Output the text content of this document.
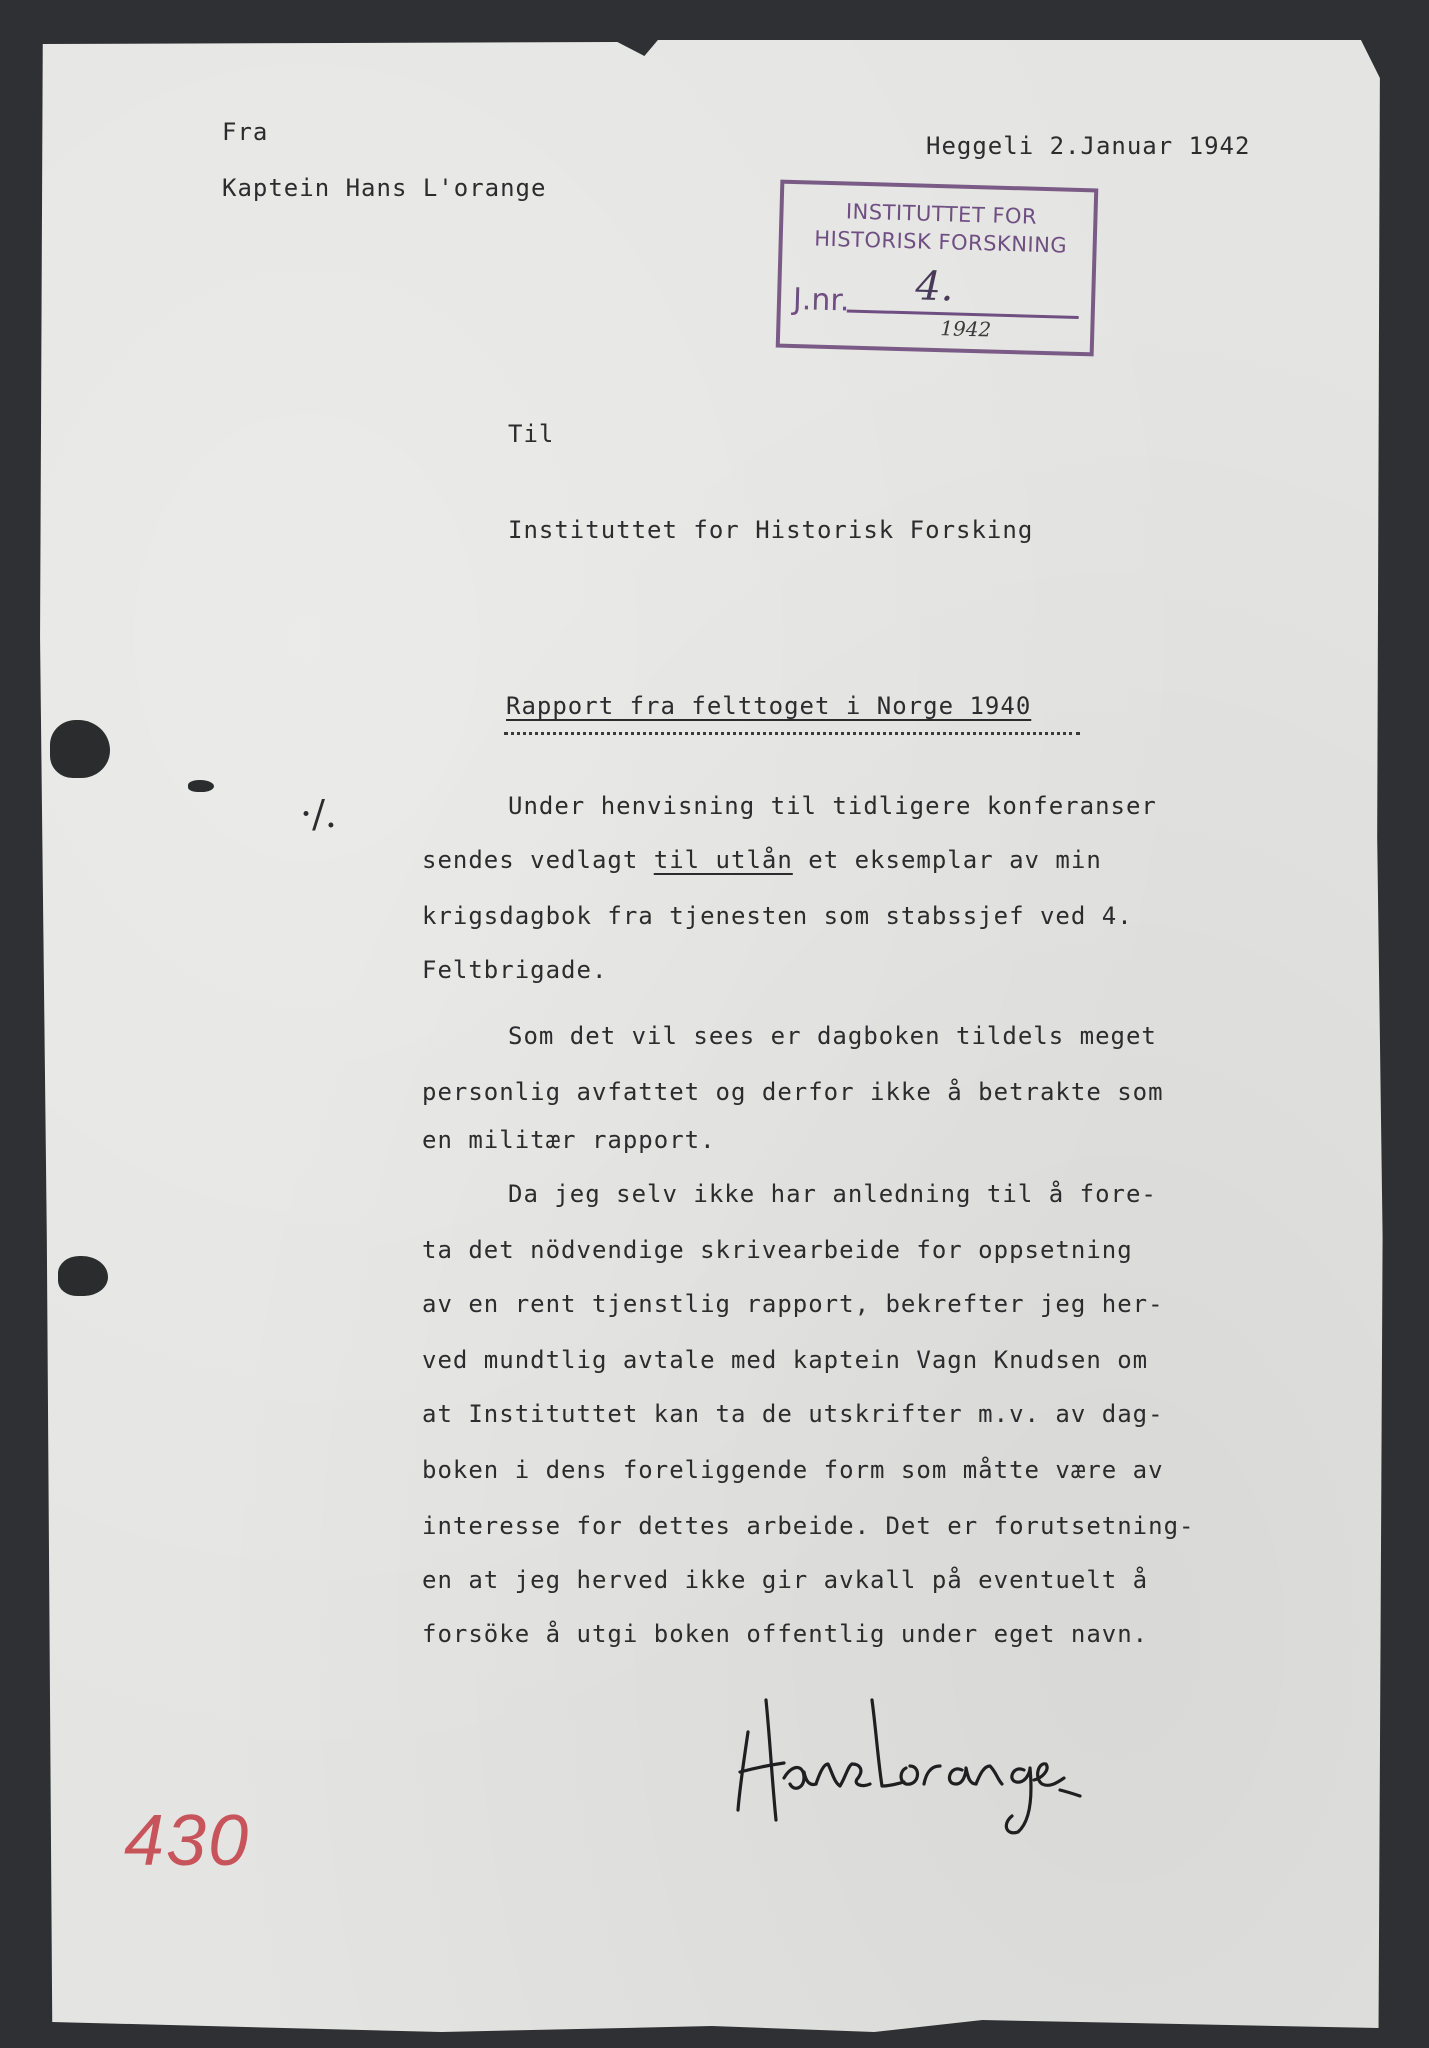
Fra
Kaptein Hans L'orange
Heggeli 2.Januar 1942
INSTITUTTET FOR
HISTORISK FORSKNING
J.nr. 4.
1942
Til
Instituttet for Historisk Forsking
Rapport fra felttoget i Norge 1940
·/.	Under henvisning til tidligere konferanser
sendes vedlagt til utlån et eksemplar av min
krigsdagbok fra tjenesten som stabssjef ved 4.
Feltbrigade.
Som det vil sees er dagboken tildels meget
personlig avfattet og derfor ikke å betrakte som
en militær rapport.
Da jeg selv ikke har anledning til å fore-
ta det nödvendige skrivearbeide for oppsetning
av en rent tjenstlig rapport, bekrefter jeg her-
ved mundtlig avtale med kaptein Vagn Knudsen om
at Instituttet kan ta de utskrifter m.v. av dag-
boken i dens foreliggende form som måtte være av
interesse for dettes arbeide. Det er forutsetning-
en at jeg herved ikke gir avkall på eventuelt å
forsöke å utgi boken offentlig under eget navn.
430
